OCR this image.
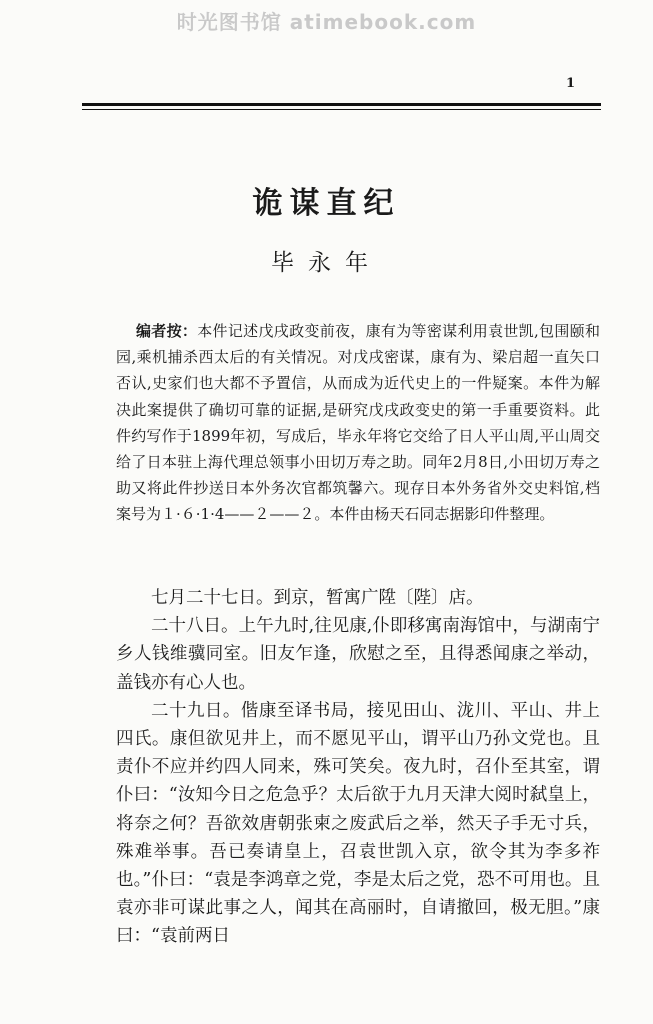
时光图书馆 atimebook.com
1
诡谋直纪
毕永年
编者按：本件记述戊戌政变前夜，康有为等密谋利用袁世凯,包围颐和园,乘机捕杀西太后的有关情况。对戊戌密谋，康有为、梁启超一直矢口否认,史家们也大都不予置信，从而成为近代史上的一件疑案。本件为解决此案提供了确切可靠的证据,是研究戊戌政变史的第一手重要资料。此件约写作于1899年初，写成后，毕永年将它交给了日人平山周,平山周交给了日本驻上海代理总领事小田切万寿之助。同年2月8日,小田切万寿之助又将此件抄送日本外务次官都筑馨六。现存日本外务省外交史料馆,档案号为１·６·1·4——２——２。本件由杨天石同志据影印件整理。

七月二十七日。到京，暂寓广陞〔陛〕店。

二十八日。上午九时,往见康,仆即移寓南海馆中，与湖南宁乡人钱维骥同室。旧友乍逢，欣慰之至，且得悉闻康之举动，盖钱亦有心人也。

二十九日。偕康至译书局，接见田山、泷川、平山、井上四氏。康但欲见井上，而不愿见平山，谓平山乃孙文党也。且责仆不应并约四人同来，殊可笑矣。夜九时，召仆至其室，谓仆曰：“汝知今日之危急乎？太后欲于九月天津大阅时弑皇上，将奈之何？吾欲效唐朝张柬之废武后之举，然天子手无寸兵，殊难举事。吾已奏请皇上，召袁世凯入京，欲令其为李多祚也。”仆曰：“袁是李鸿章之党，李是太后之党，恐不可用也。且袁亦非可谋此事之人，闻其在高丽时，自请撤回，极无胆。”康曰：“袁前两日
